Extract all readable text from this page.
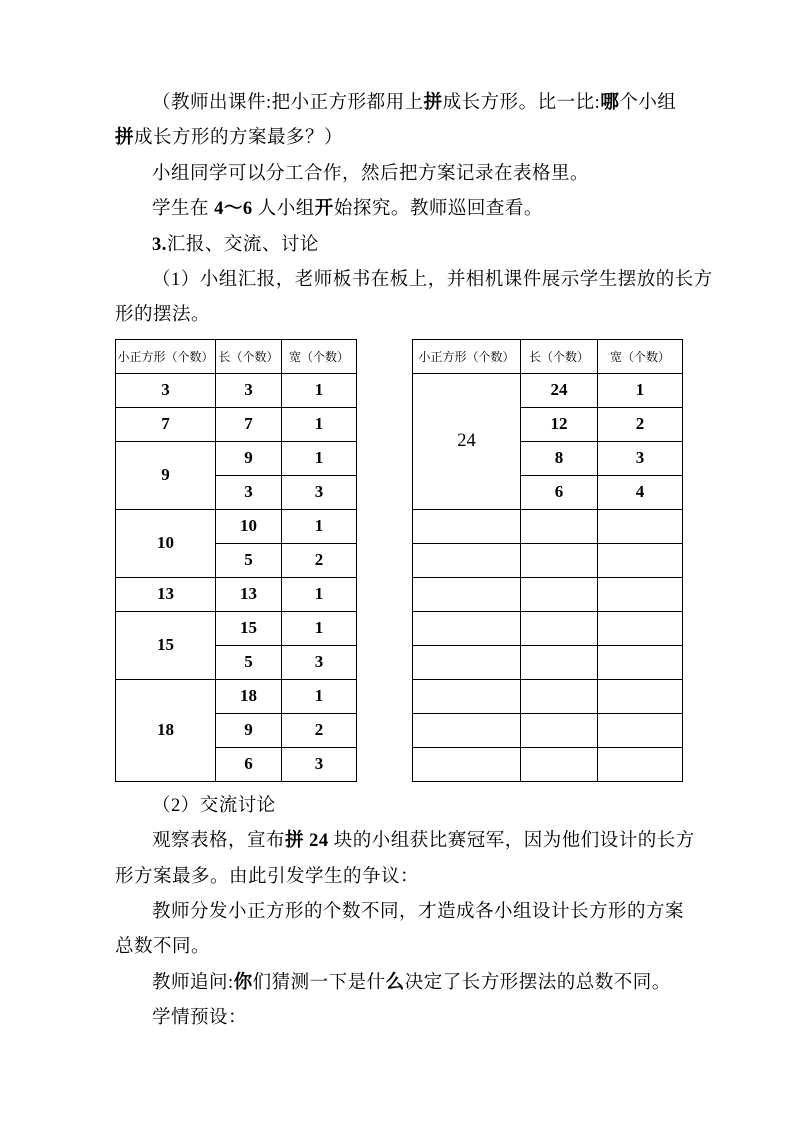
（教师出课件:把小正方形都用上拼成长方形。比一比:哪个小组
拼成长方形的方案最多？）
小组同学可以分工合作，然后把方案记录在表格里。
学生在 4～6 人小组开始探究。教师巡回查看。
3.汇报、交流、讨论
（1）小组汇报，老师板书在板上，并相机课件展示学生摆放的长方
形的摆法。
小正方形（个数）	长（个数）	宽（个数）
3	3	1
7	7	1
9	9	1
	3	3
10	10	1
	5	2
13	13	1
15	15	1
	5	3
18	18	1
	9	2
	6	3
小正方形（个数）	长（个数）	宽（个数）
24	24	1
	12	2
	8	3
	6	4

（2）交流讨论
观察表格，宣布拼 24 块的小组获比赛冠军，因为他们设计的长方
形方案最多。由此引发学生的争议：
教师分发小正方形的个数不同，才造成各小组设计长方形的方案
总数不同。
教师追问:你们猜测一下是什么决定了长方形摆法的总数不同。
学情预设：
